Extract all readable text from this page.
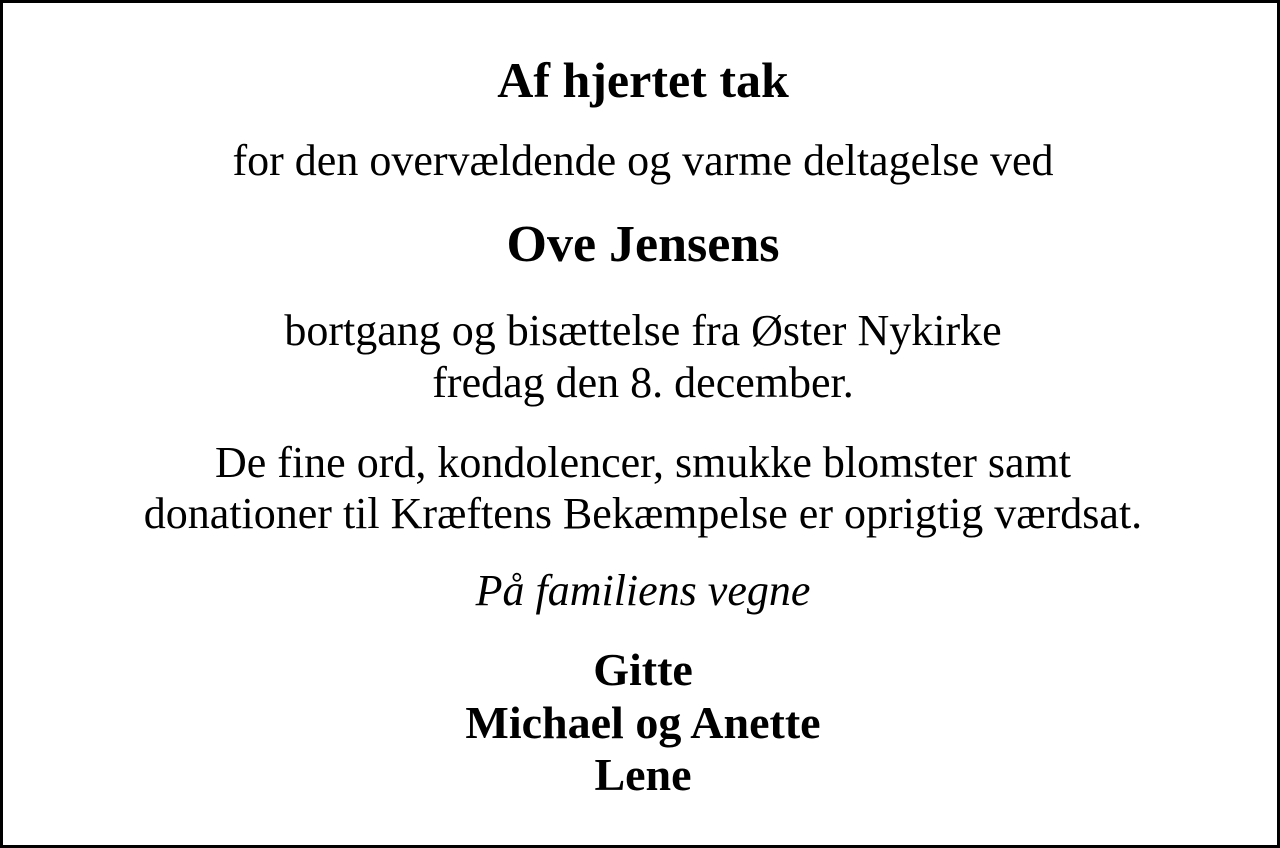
Af hjertet tak
for den overvældende og varme deltagelse ved
Ove Jensens
bortgang og bisættelse fra Øster Nykirke
fredag den 8. december.
De fine ord, kondolencer, smukke blomster samt
donationer til Kræftens Bekæmpelse er oprigtig værdsat.
På familiens vegne
Gitte
Michael og Anette
Lene
